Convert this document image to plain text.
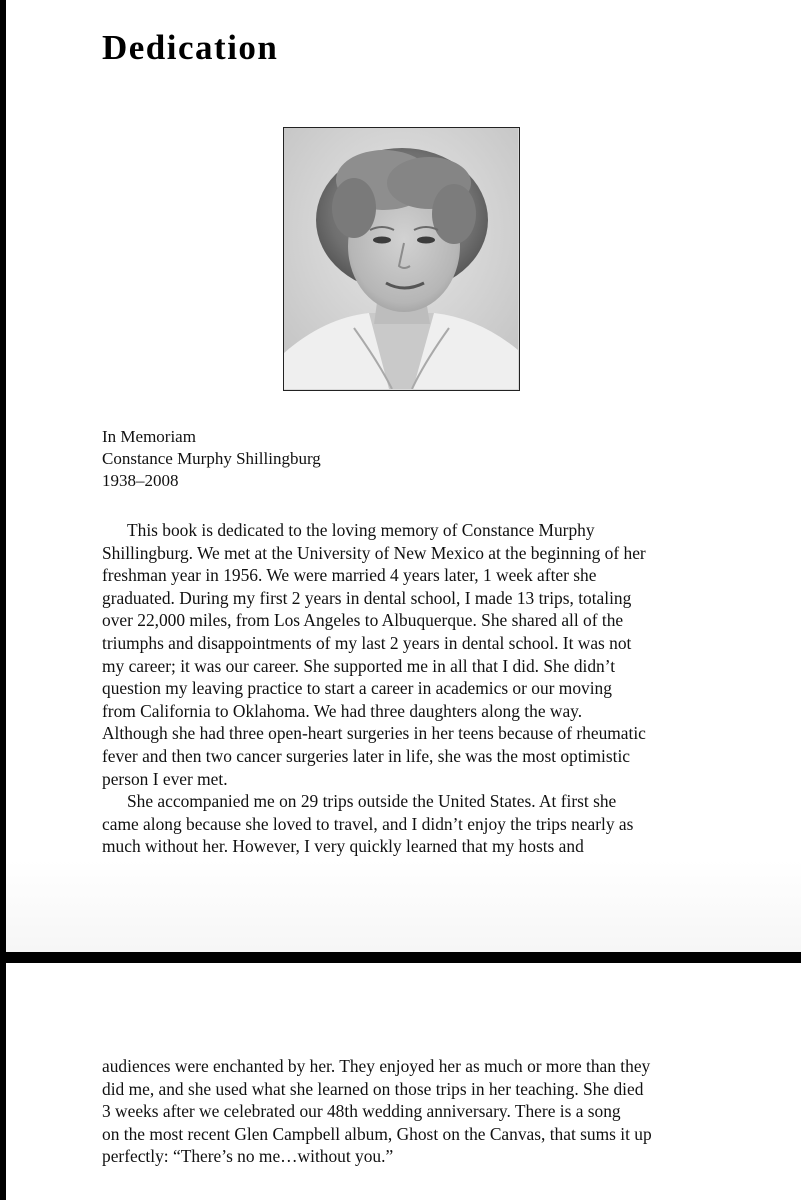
Dedication
In Memoriam
Constance Murphy Shillingburg
1938–2008
This book is dedicated to the loving memory of Constance Murphy
Shillingburg. We met at the University of New Mexico at the beginning of her
freshman year in 1956. We were married 4 years later, 1 week after she
graduated. During my first 2 years in dental school, I made 13 trips, totaling
over 22,000 miles, from Los Angeles to Albuquerque. She shared all of the
triumphs and disappointments of my last 2 years in dental school. It was not
my career; it was our career. She supported me in all that I did. She didn’t
question my leaving practice to start a career in academics or our moving
from California to Oklahoma. We had three daughters along the way.
Although she had three open-heart surgeries in her teens because of rheumatic
fever and then two cancer surgeries later in life, she was the most optimistic
person I ever met.
She accompanied me on 29 trips outside the United States. At first she
came along because she loved to travel, and I didn’t enjoy the trips nearly as
much without her. However, I very quickly learned that my hosts and
audiences were enchanted by her. They enjoyed her as much or more than they
did me, and she used what she learned on those trips in her teaching. She died
3 weeks after we celebrated our 48th wedding anniversary. There is a song
on the most recent Glen Campbell album, Ghost on the Canvas, that sums it up
perfectly: “There’s no me…without you.”
